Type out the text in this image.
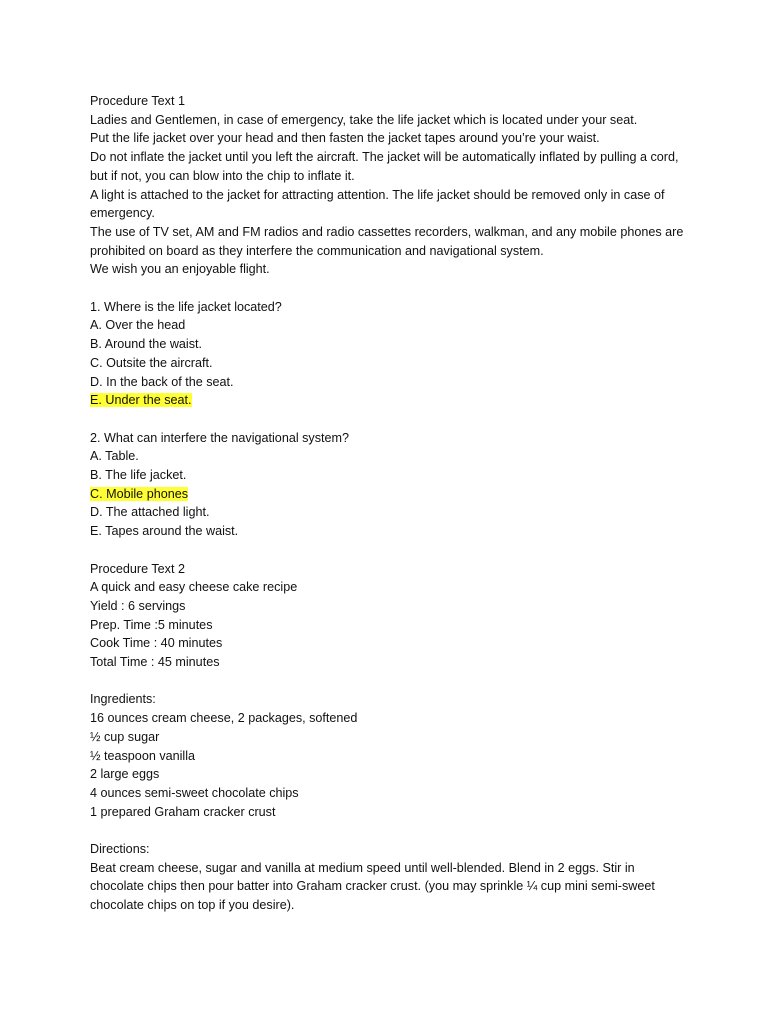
Procedure Text 1
Ladies and Gentlemen, in case of emergency, take the life jacket which is located under your seat.
Put the life jacket over your head and then fasten the jacket tapes around you’re your waist.
Do not inflate the jacket until you left the aircraft. The jacket will be automatically inflated by pulling a cord, but if not, you can blow into the chip to inflate it.
A light is attached to the jacket for attracting attention. The life jacket should be removed only in case of emergency.
The use of TV set, AM and FM radios and radio cassettes recorders, walkman, and any mobile phones are prohibited on board as they interfere the communication and navigational system.
We wish you an enjoyable flight.
1. Where is the life jacket located?
A. Over the head
B. Around the waist.
C. Outsite the aircraft.
D. In the back of the seat.
E. Under the seat.
2. What can interfere the navigational system?
A. Table.
B. The life jacket.
C. Mobile phones
D. The attached light.
E. Tapes around the waist.
Procedure Text 2
A quick and easy cheese cake recipe
Yield : 6 servings
Prep. Time :5 minutes
Cook Time : 40 minutes
Total Time : 45 minutes
Ingredients:
16 ounces cream cheese, 2 packages, softened
½ cup sugar
½ teaspoon vanilla
2 large eggs
4 ounces semi-sweet chocolate chips
1 prepared Graham cracker crust
Directions:
Beat cream cheese, sugar and vanilla at medium speed until well-blended. Blend in 2 eggs. Stir in chocolate chips then pour batter into Graham cracker crust. (you may sprinkle ¼ cup mini semi-sweet chocolate chips on top if you desire).
